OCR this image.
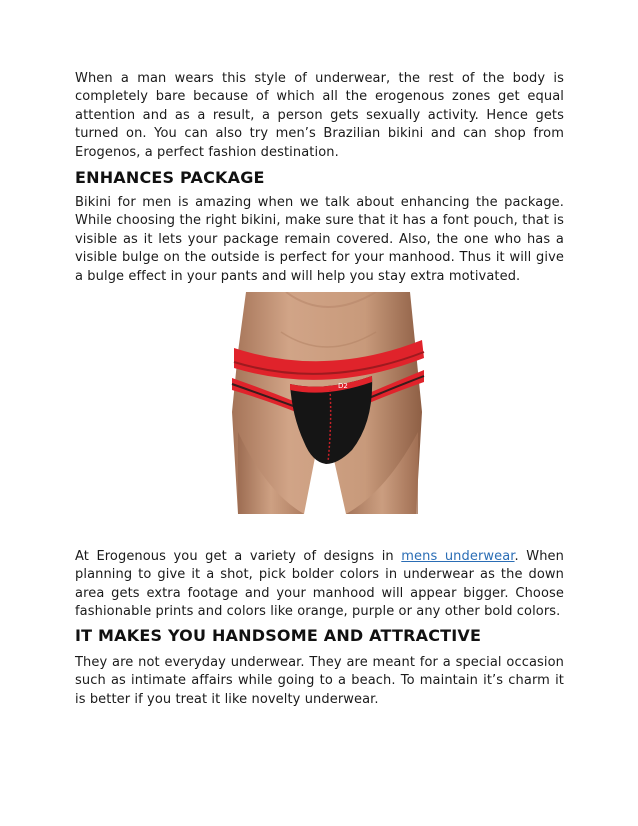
When a man wears this style of underwear, the rest of the body is completely bare because of which all the erogenous zones get equal attention and as a result, a person gets sexually activity. Hence gets turned on. You can also try men’s Brazilian bikini and can shop from Erogenos, a perfect fashion destination.

ENHANCES PACKAGE

Bikini for men is amazing when we talk about enhancing the package. While choosing the right bikini, make sure that it has a font pouch, that is visible as it lets your package remain covered. Also, the one who has a visible bulge on the outside is perfect for your manhood. Thus it will give a bulge effect in your pants and will help you stay extra motivated.

D2

At Erogenous you get a variety of designs in mens underwear. When planning to give it a shot, pick bolder colors in underwear as the down area gets extra footage and your manhood will appear bigger. Choose fashionable prints and colors like orange, purple or any other bold colors.

IT MAKES YOU HANDSOME AND ATTRACTIVE

They are not everyday underwear. They are meant for a special occasion such as intimate affairs while going to a beach. To maintain it’s charm it is better if you treat it like novelty underwear.
